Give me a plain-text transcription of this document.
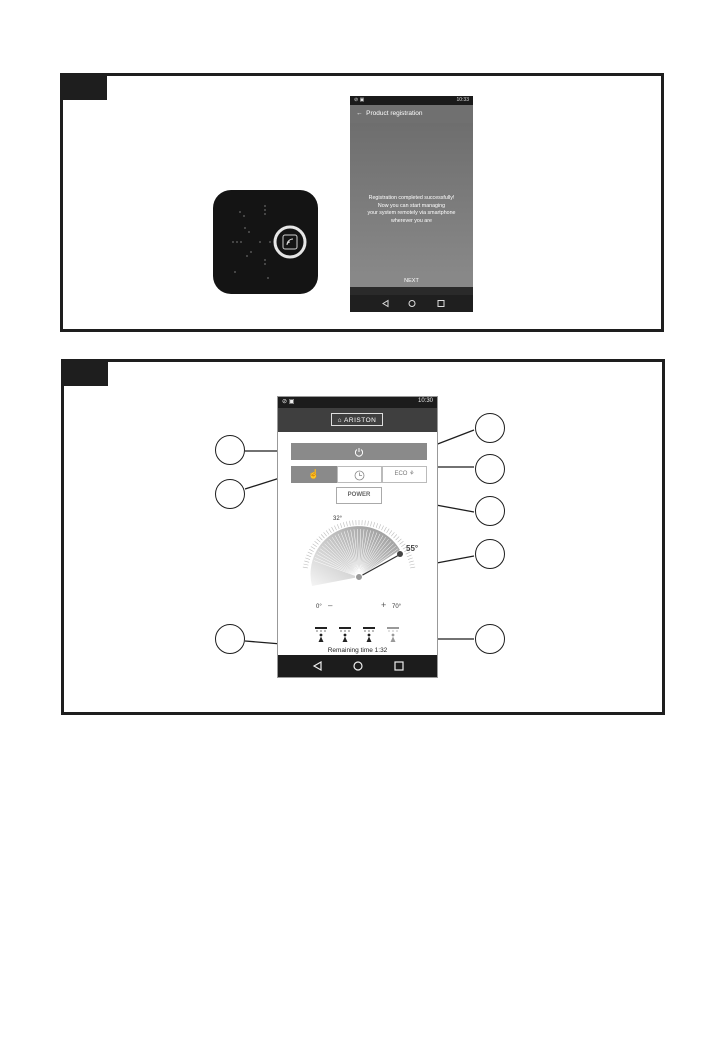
⊘ ▣	10:33
← Product registration
Registration completed successfully!
Now you can start managing
your system remotely via smartphone
wherever you are
NEXT
⊘ ▣	10:30
⌂ ARISTON
☝	ECO ⚘
POWER
32°
55°
0° –	+ 70°
Remaining time 1:32
